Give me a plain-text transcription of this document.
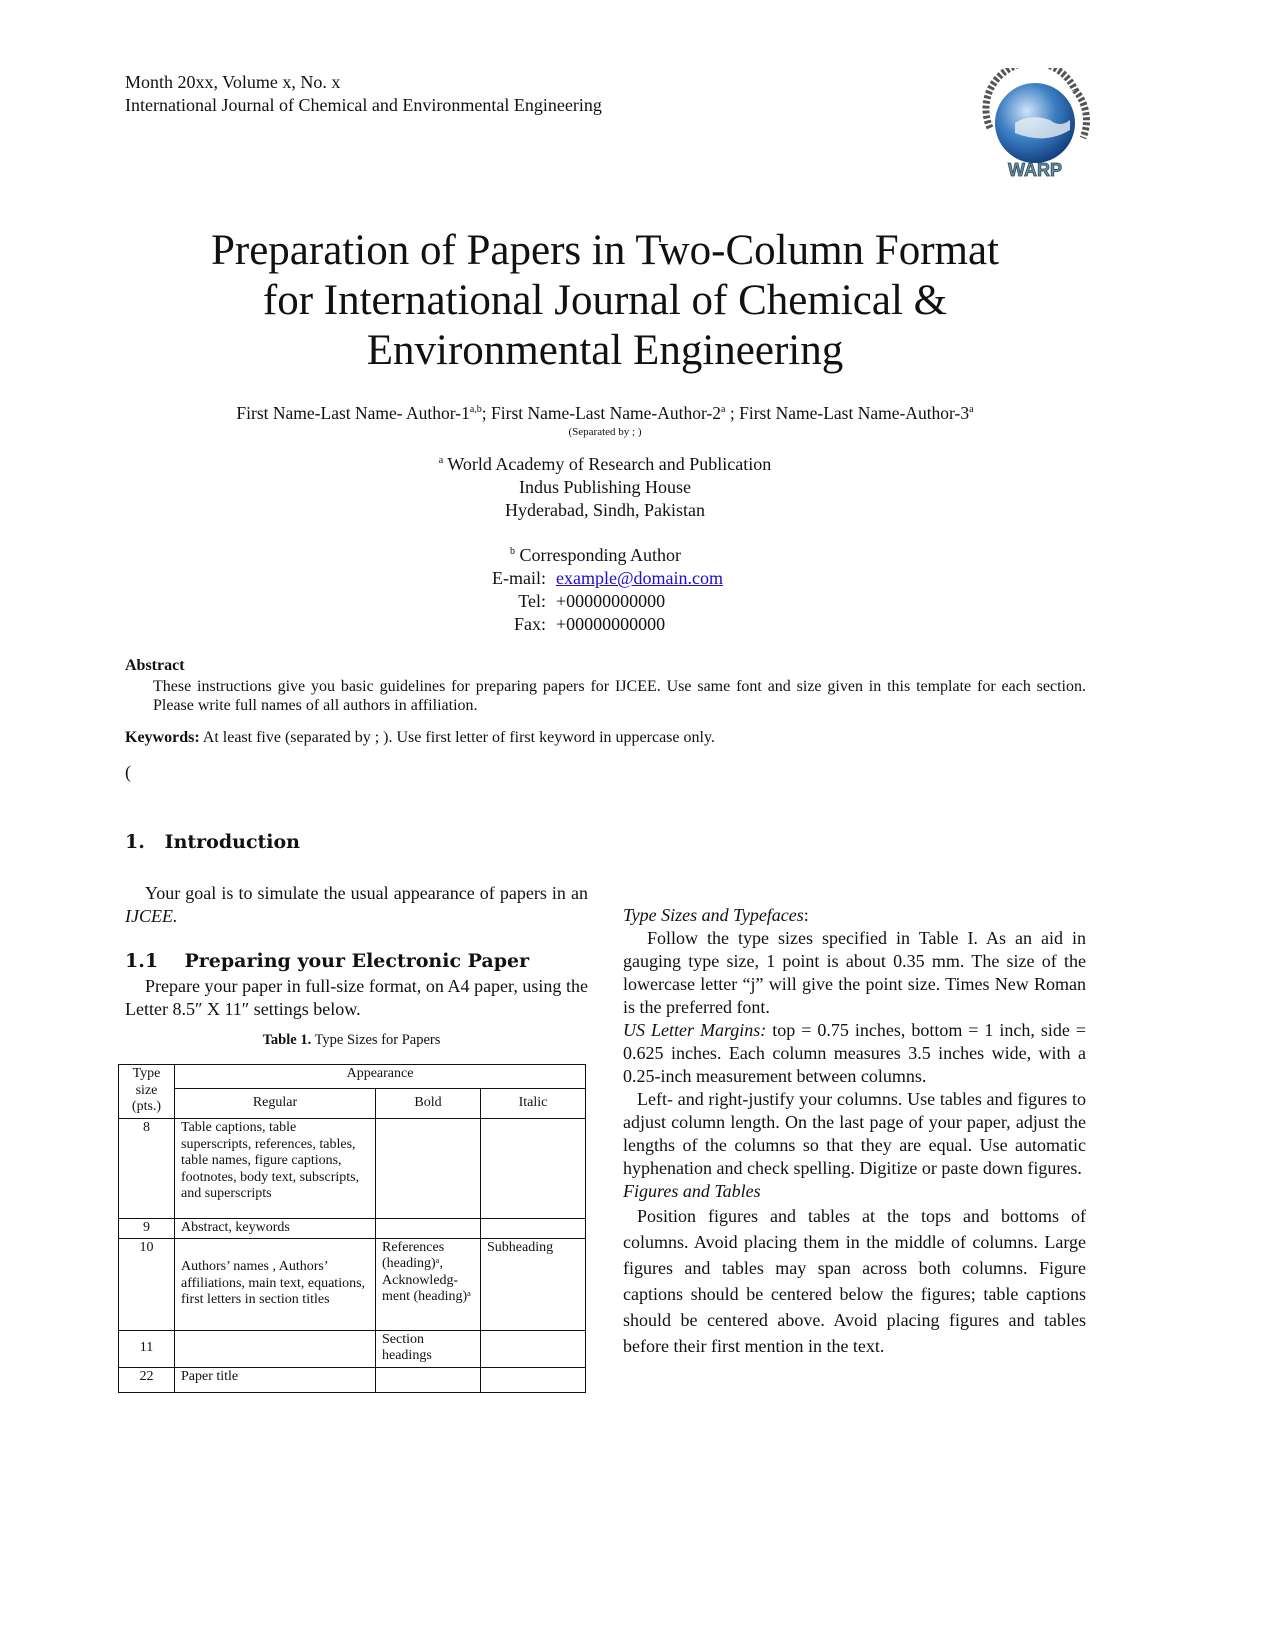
Month 20xx, Volume x, No. x
International Journal of Chemical and Environmental Engineering
WARP
Preparation of Papers in Two-Column Format
for International Journal of Chemical &
Environmental Engineering
First Name-Last Name- Author-1$^{a,b}$; First Name-Last Name-Author-2$^a$ ; First Name-Last Name-Author-3$^a$
(Separated by ; )
$^a$ World Academy of Research and Publication
Indus Publishing House
Hyderabad, Sindh, Pakistan
$^b$ Corresponding Author
E-mail: example@domain.com
Tel: +00000000000
Fax: +00000000000
Abstract
These instructions give you basic guidelines for preparing papers for IJCEE. Use same font and size given in this template for each section. Please write full names of all authors in affiliation.
Keywords: At least five (separated by ; ). Use first letter of first keyword in uppercase only.
(
1.   Introduction
Your goal is to simulate the usual appearance of papers in an IJCEE.
1.1    Preparing your Electronic Paper
Prepare your paper in full-size format, on A4 paper, using the Letter 8.5″ X 11″ settings below.
Table 1. Type Sizes for Papers
Type size (pts.)	Appearance		
	Regular	Bold	Italic
8	Table captions, table superscripts, references, tables, table names, figure captions, footnotes, body text, subscripts, and superscripts		
9	Abstract, keywords		
10	Authors’ names , Authors’ affiliations, main text, equations, first letters in section titles	References (heading)ᵃ, Acknowledg-ment (heading)ᵃ	Subheading
11		Section headings	
22	Paper title		

Type Sizes and Typefaces:

Follow the type sizes specified in Table I. As an aid in gauging type size, 1 point is about 0.35 mm. The size of the lowercase letter “j” will give the point size. Times New Roman is the preferred font.

US Letter Margins: top = 0.75 inches, bottom = 1 inch, side = 0.625 inches. Each column measures 3.5 inches wide, with a 0.25-inch measurement between columns.

Left- and right-justify your columns. Use tables and figures to adjust column length. On the last page of your paper, adjust the lengths of the columns so that they are equal. Use automatic hyphenation and check spelling. Digitize or paste down figures.

Figures and Tables

Position figures and tables at the tops and bottoms of columns. Avoid placing them in the middle of columns. Large figures and tables may span across both columns. Figure captions should be centered below the figures; table captions should be centered above. Avoid placing figures and tables before their first mention in the text.
